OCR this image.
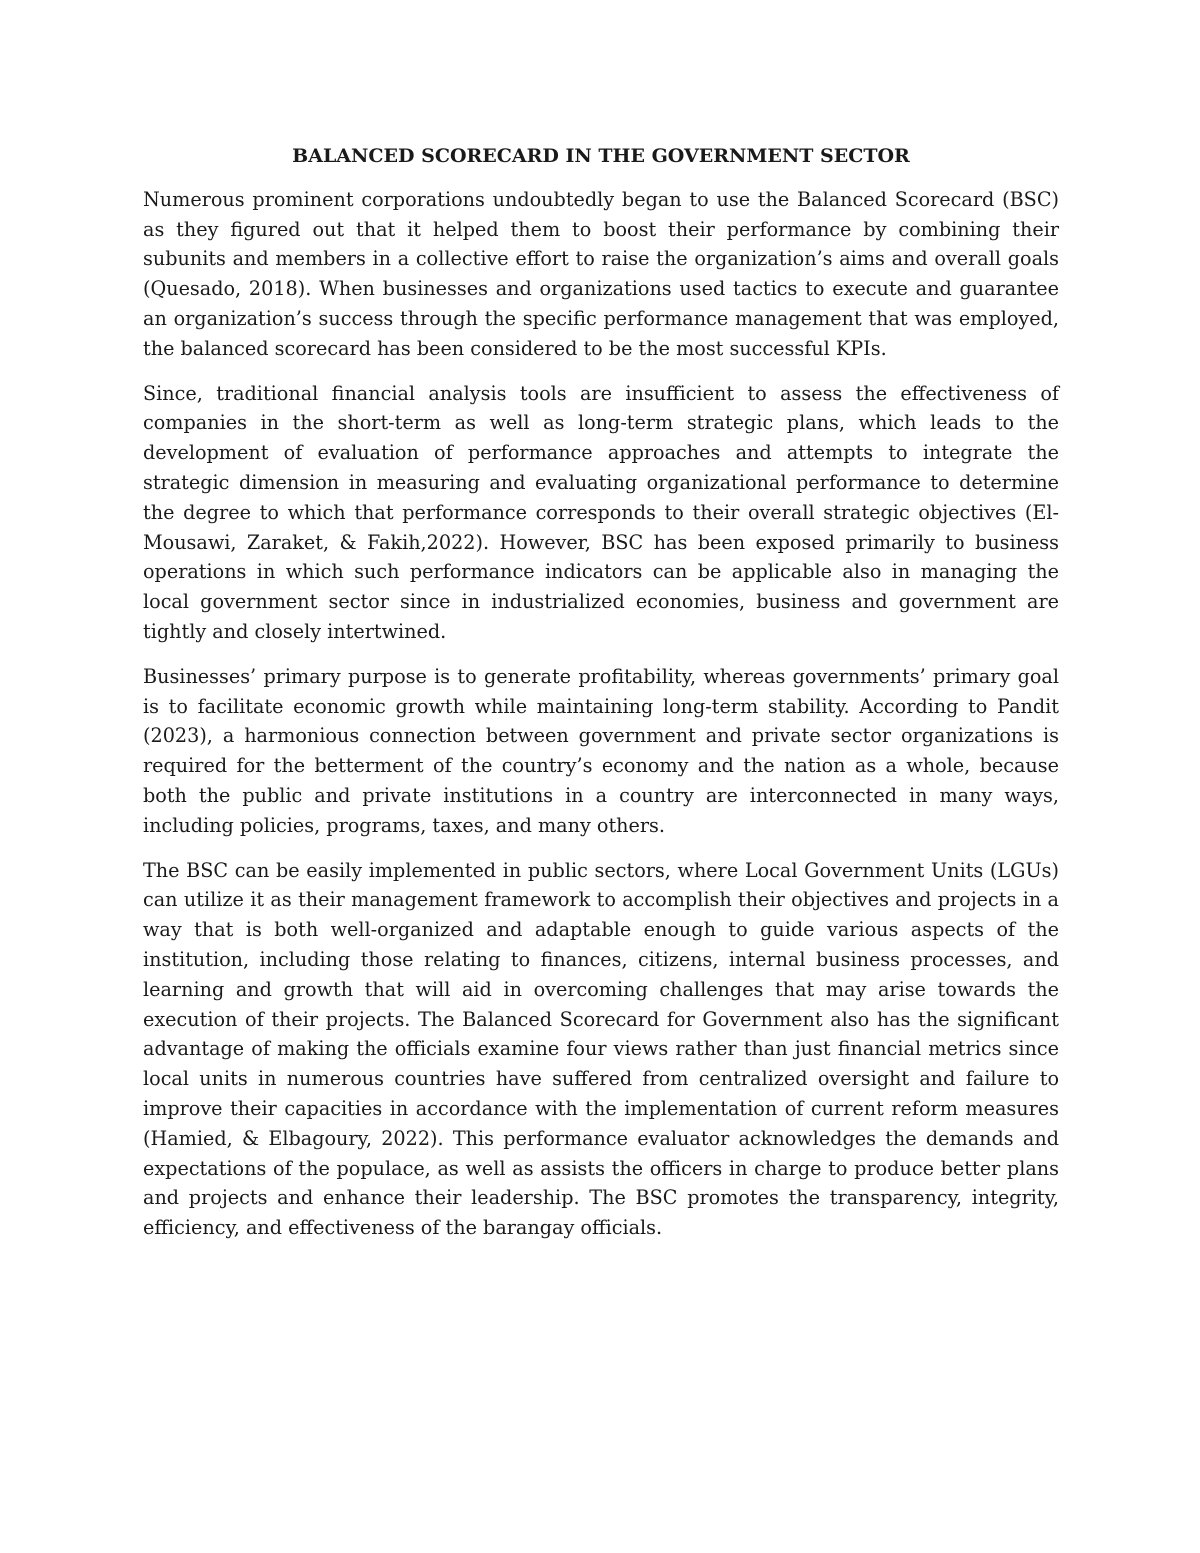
BALANCED SCORECARD IN THE GOVERNMENT SECTOR

Numerous prominent corporations undoubtedly began to use the Balanced Scorecard (BSC) as they figured out that it helped them to boost their performance by combining their subunits and members in a collective effort to raise the organization’s aims and overall goals (Quesado, 2018). When businesses and organizations used tactics to execute and guarantee an organization’s success through the specific performance management that was employed, the balanced scorecard has been considered to be the most successful KPIs.

Since, traditional financial analysis tools are insufficient to assess the effectiveness of companies in the short-term as well as long-term strategic plans, which leads to the development of evaluation of performance approaches and attempts to integrate the strategic dimension in measuring and evaluating organizational performance to determine the degree to which that performance corresponds to their overall strategic objectives (El-Mousawi, Zaraket, & Fakih,2022). However, BSC has been exposed primarily to business operations in which such performance indicators can be applicable also in managing the local government sector since in industrialized economies, business and government are tightly and closely intertwined.

Businesses’ primary purpose is to generate profitability, whereas governments’ primary goal is to facilitate economic growth while maintaining long-term stability. According to Pandit (2023), a harmonious connection between government and private sector organizations is required for the betterment of the country’s economy and the nation as a whole, because both the public and private institutions in a country are interconnected in many ways, including policies, programs, taxes, and many others.

The BSC can be easily implemented in public sectors, where Local Government Units (LGUs) can utilize it as their management framework to accomplish their objectives and projects in a way that is both well-organized and adaptable enough to guide various aspects of the institution, including those relating to finances, citizens, internal business processes, and learning and growth that will aid in overcoming challenges that may arise towards the execution of their projects. The Balanced Scorecard for Government also has the significant advantage of making the officials examine four views rather than just financial metrics since local units in numerous countries have suffered from centralized oversight and failure to improve their capacities in accordance with the implementation of current reform measures (Hamied, & Elbagoury, 2022). This performance evaluator acknowledges the demands and expectations of the populace, as well as assists the officers in charge to produce better plans and projects and enhance their leadership. The BSC promotes the transparency, integrity, efficiency, and effectiveness of the barangay officials.
